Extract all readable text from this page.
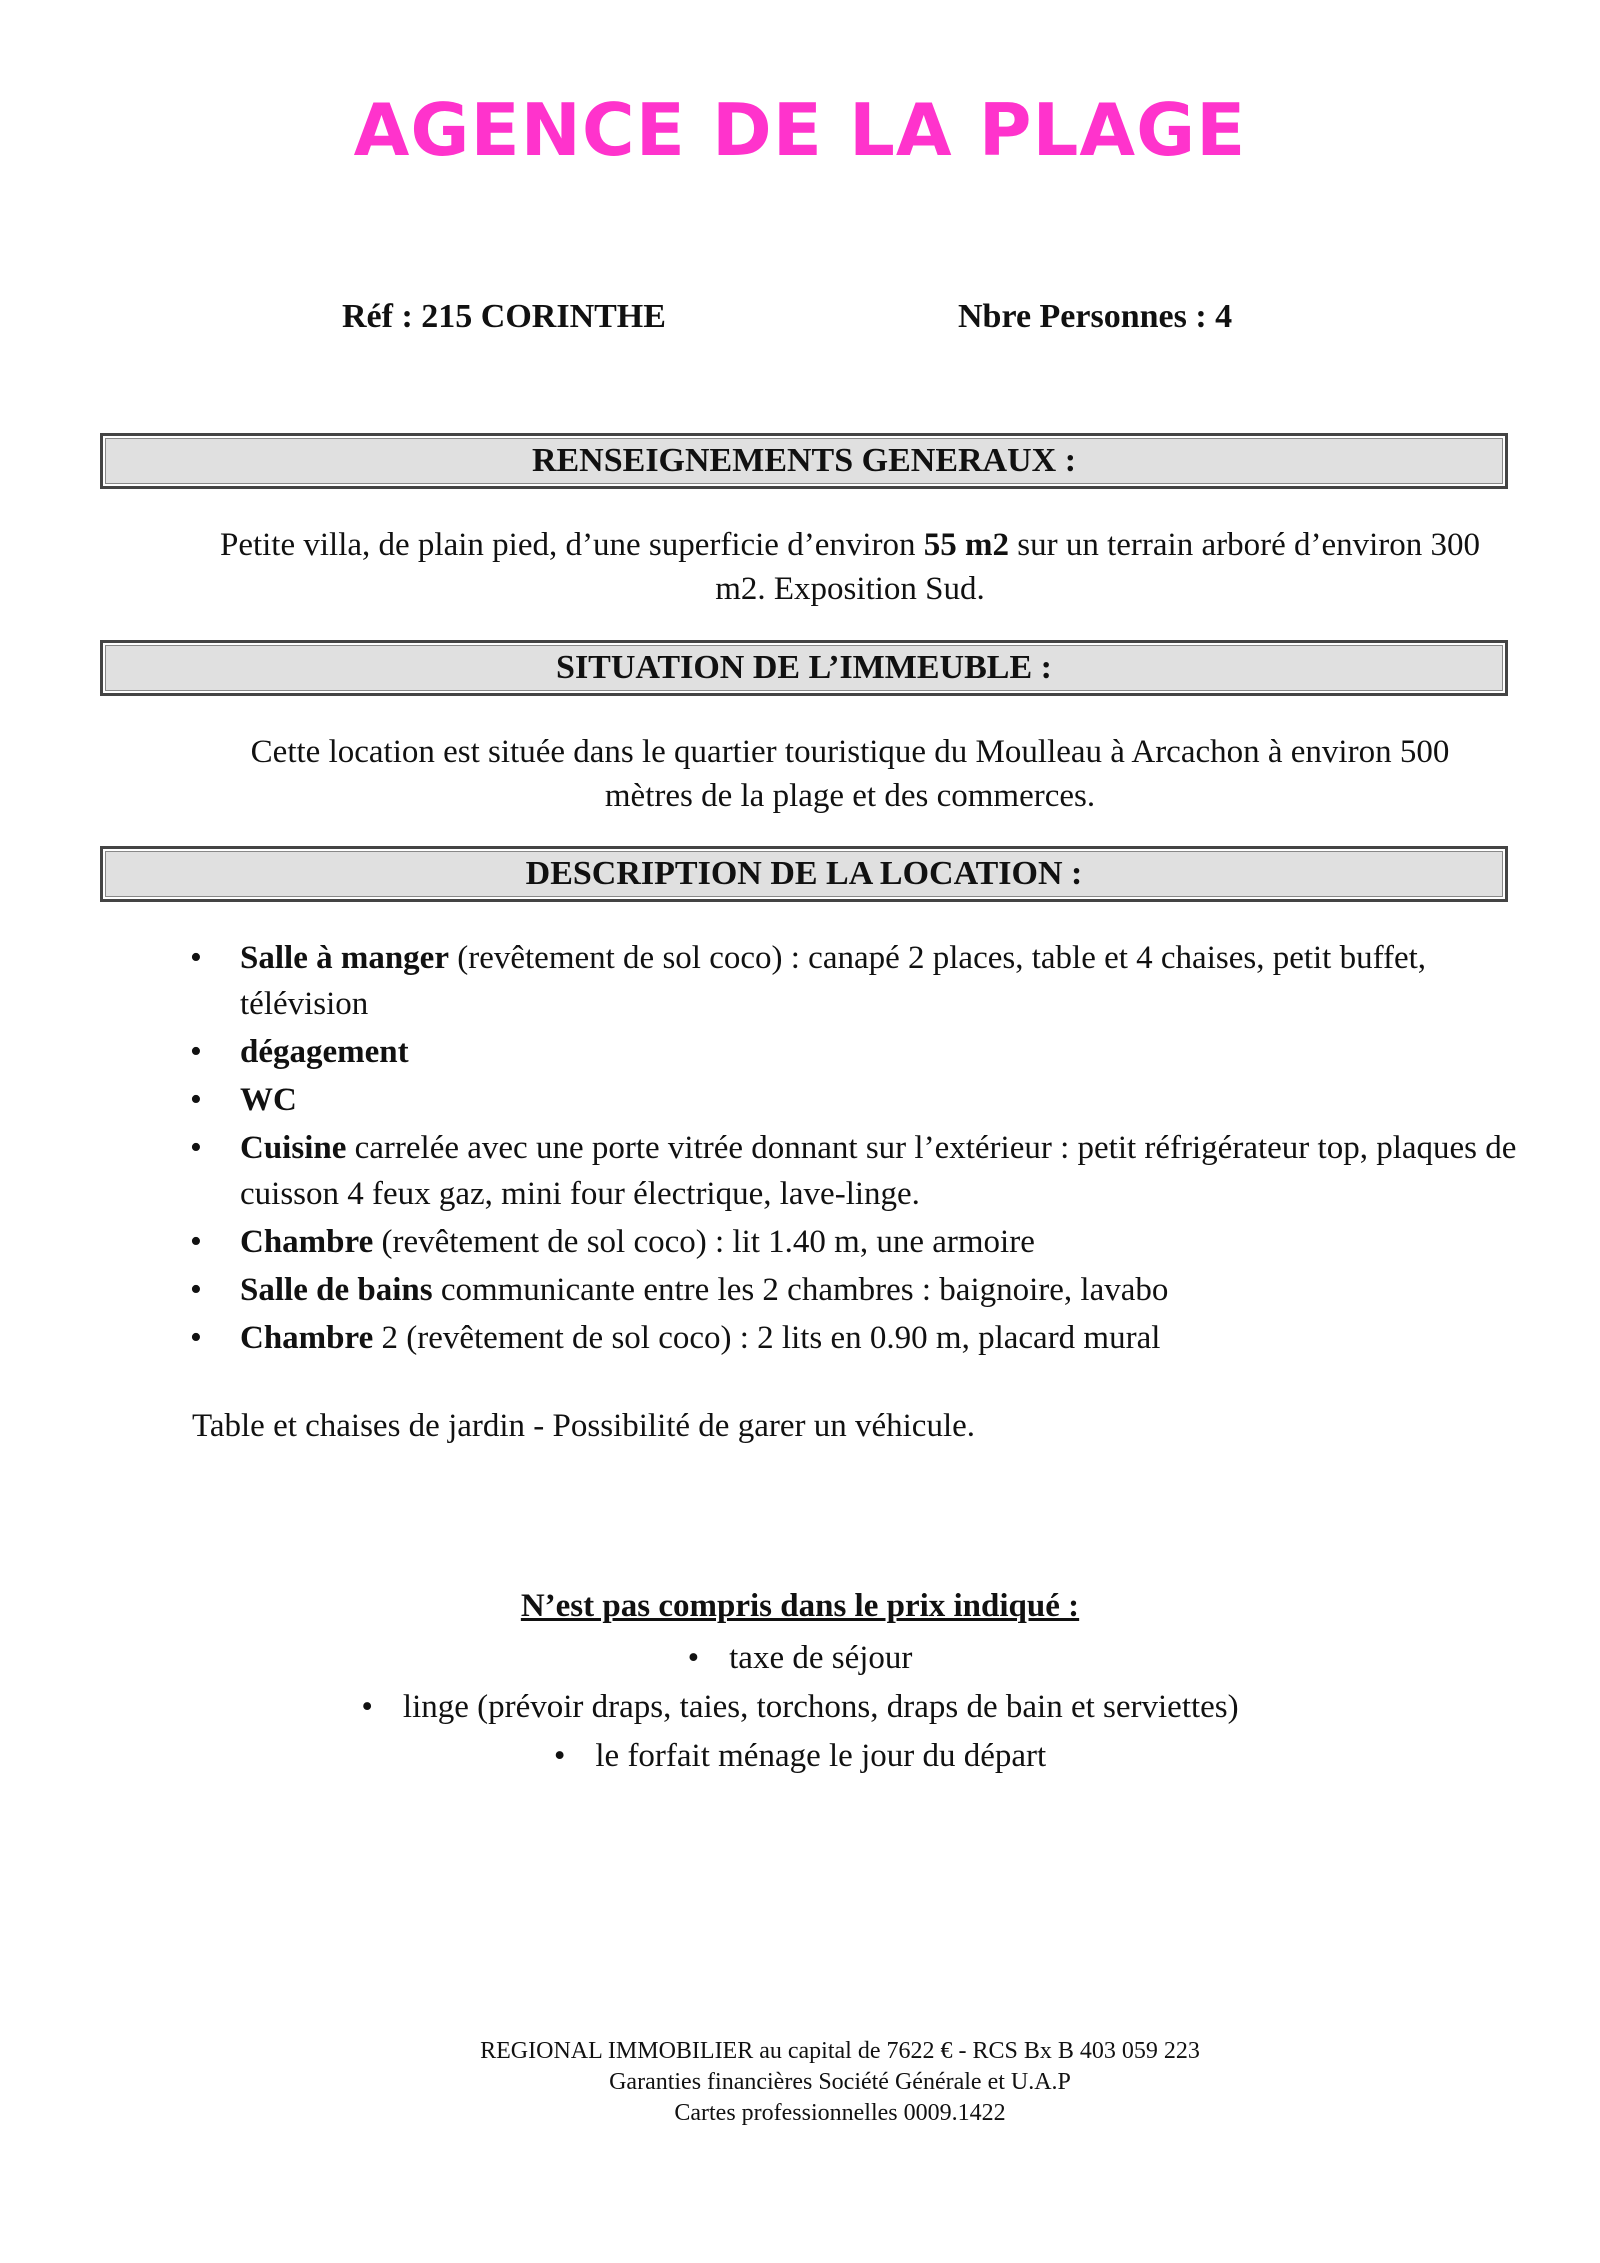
AGENCE DE LA PLAGE
Réf : 215 CORINTHE	Nbre Personnes : 4
RENSEIGNEMENTS GENERAUX :
Petite villa, de plain pied, d’une superficie d’environ 55 m2 sur un terrain arboré d’environ 300 m2. Exposition Sud.
SITUATION DE L’IMMEUBLE :
Cette location est située dans le quartier touristique du Moulleau à Arcachon à environ 500 mètres de la plage et des commerces.
DESCRIPTION DE LA LOCATION :
• Salle à manger (revêtement de sol coco) : canapé 2 places, table et 4 chaises, petit buffet, télévision
• dégagement
• WC
• Cuisine carrelée avec une porte vitrée donnant sur l’extérieur : petit réfrigérateur top, plaques de cuisson 4 feux gaz, mini four électrique, lave-linge.
• Chambre (revêtement de sol coco) : lit 1.40 m, une armoire
• Salle de bains communicante entre les 2 chambres : baignoire, lavabo
• Chambre 2 (revêtement de sol coco) : 2 lits en 0.90 m, placard mural
Table et chaises de jardin - Possibilité de garer un véhicule.
N’est pas compris dans le prix indiqué :
• taxe de séjour
• linge (prévoir draps, taies, torchons, draps de bain et serviettes)
• le forfait ménage le jour du départ
REGIONAL IMMOBILIER au capital de 7622 € - RCS Bx B 403 059 223
Garanties financières Société Générale et U.A.P
Cartes professionnelles 0009.1422
